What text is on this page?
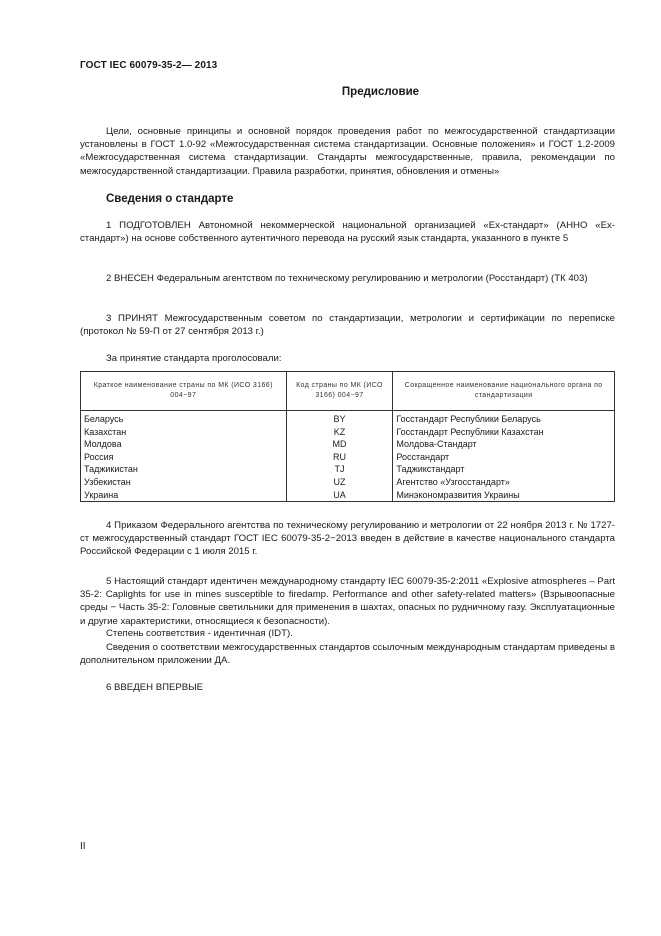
ГОСТ IEC 60079-35-2— 2013
Предисловие

Цели, основные принципы и основной порядок проведения работ по межгосударственной стандартизации установлены в ГОСТ 1.0-92 «Межгосударственная система стандартизации. Основные положения» и ГОСТ 1.2-2009 «Межгосударственная система стандартизации. Стандарты межгосударственные, правила, рекомендации по межгосударственной стандартизации. Правила разработки, принятия, обновления и отмены»

Сведения о стандарте

1 ПОДГОТОВЛЕН Автономной некоммерческой национальной организацией «Ех-стандарт» (АННО «Ех-стандарт») на основе собственного аутентичного перевода на русский язык стандарта, указанного в пункте 5

2 ВНЕСЕН Федеральным агентством по техническому регулированию и метрологии (Росстандарт) (ТК 403)

3 ПРИНЯТ Межгосударственным советом по стандартизации, метрологии и сертификации по переписке (протокол № 59-П от 27 сентября 2013 г.)

За принятие стандарта проголосовали:

Краткое наименование страны по МК (ИСО 3166) 004−97	Код страны по МК (ИСО 3166) 004−97	Сокращенное наименование национального органа по стандартизации
Беларусь	BY	Госстандарт Республики Беларусь
Казахстан	KZ	Госстандарт Республики Казахстан
Молдова	MD	Молдова-Стандарт
Россия	RU	Росстандарт
Таджикистан	TJ	Таджикстандарт
Узбекистан	UZ	Агентство «Узгосстандарт»
Украина	UA	Минэкономразвития Украины

4 Приказом Федерального агентства по техническому регулированию и метрологии от 22 ноября 2013 г. № 1727-ст межгосударственный стандарт ГОСТ IEC 60079-35-2−2013 введен в действие в качестве национального стандарта Российской Федерации с 1 июля 2015 г.

5 Настоящий стандарт идентичен международному стандарту IEC 60079-35-2:2011 «Explosive atmospheres – Part 35-2: Caplights for use in mines susceptible to firedamp. Performance and other safety-related matters» (Взрывоопасные среды − Часть 35-2: Головные светильники для применения в шахтах, опасных по рудничному газу. Эксплуатационные и другие характеристики, относящиеся к безопасности).

Степень соответствия - идентичная (IDT).

Сведения о соответствии межгосударственных стандартов ссылочным международным стандартам приведены в дополнительном приложении ДА.

6 ВВЕДЕН ВПЕРВЫЕ

II
